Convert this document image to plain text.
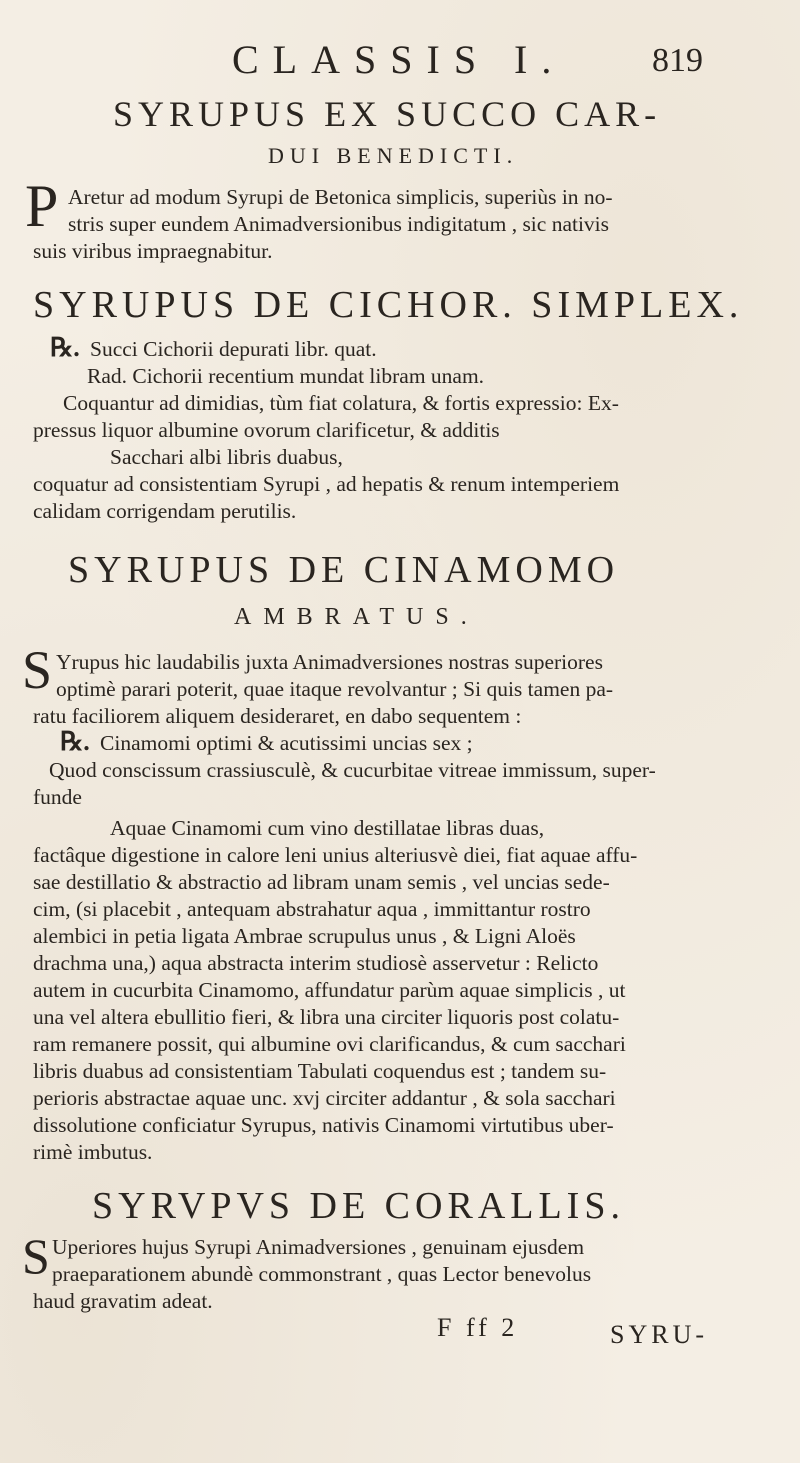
CLASSIS I.	819
SYRUPUS EX SUCCO CAR-
DUI BENEDICTI.
P Aretur ad modum Syrupi de Betonica simplicis, superiùs in no-
stris super eundem Animadversionibus indigitatum , sic nativis
suis viribus impraegnabitur.
SYRUPUS DE CICHOR. SIMPLEX.
℞. Succi Cichorii depurati libr. quat.
Rad. Cichorii recentium mundat libram unam.
Coquantur ad dimidias, tùm fiat colatura, & fortis expressio: Ex-
pressus liquor albumine ovorum clarificetur, & additis
Sacchari albi libris duabus,
coquatur ad consistentiam Syrupi , ad hepatis & renum intemperiem
calidam corrigendam perutilis.
SYRUPUS DE CINAMOMO
AMBRATUS.
S Yrupus hic laudabilis juxta Animadversiones nostras superiores
optimè parari poterit, quae itaque revolvantur ; Si quis tamen pa-
ratu faciliorem aliquem desideraret, en dabo sequentem :
℞. Cinamomi optimi & acutissimi uncias sex ;
Quod conscissum crassiusculè, & cucurbitae vitreae immissum, super-
funde
Aquae Cinamomi cum vino destillatae libras duas,
factâque digestione in calore leni unius alteriusvè diei, fiat aquae affu-
sae destillatio & abstractio ad libram unam semis , vel uncias sede-
cim, (si placebit , antequam abstrahatur aqua , immittantur rostro
alembici in petia ligata Ambrae scrupulus unus , & Ligni Aloës
drachma una,) aqua abstracta interim studiosè asservetur : Relicto
autem in cucurbita Cinamomo, affundatur parùm aquae simplicis , ut
una vel altera ebullitio fieri, & libra una circiter liquoris post colatu-
ram remanere possit, qui albumine ovi clarificandus, & cum sacchari
libris duabus ad consistentiam Tabulati coquendus est ; tandem su-
perioris abstractae aquae unc. xvj circiter addantur , & sola sacchari
dissolutione conficiatur Syrupus, nativis Cinamomi virtutibus uber-
rimè imbutus.
SYRVPVS DE CORALLIS.
S Uperiores hujus Syrupi Animadversiones , genuinam ejusdem
praeparationem abundè commonstrant , quas Lector benevolus
haud gravatim adeat.
F ff 2	SYRU-
